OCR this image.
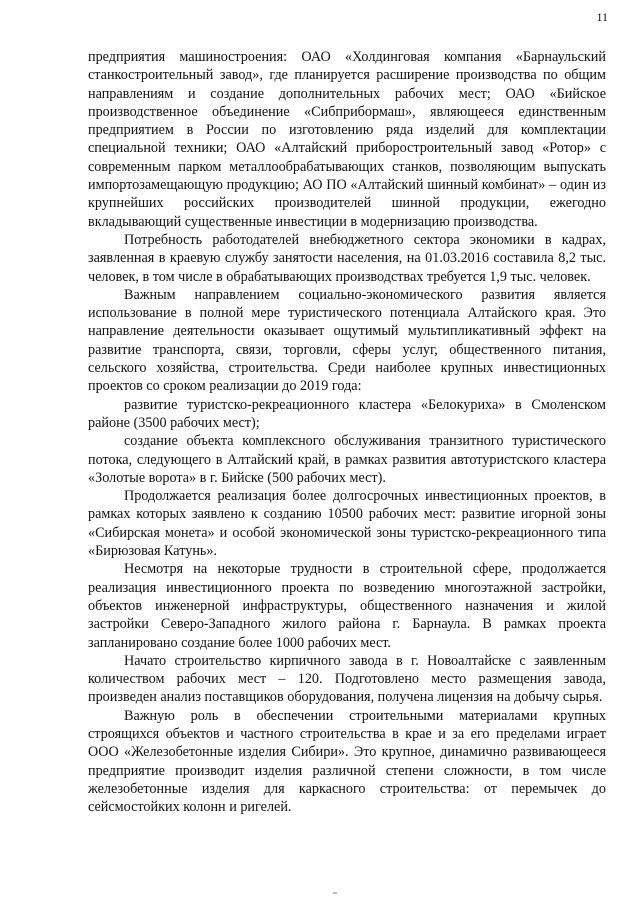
11

предприятия машиностроения: ОАО «Холдинговая компания «Барнаульский станкостроительный завод», где планируется расширение производства по общим направлениям и создание дополнительных рабочих мест; ОАО «Бийское производственное объединение «Сибприбормаш», являющееся единственным предприятием в России по изготовлению ряда изделий для комплектации специальной техники; ОАО «Алтайский приборостроительный завод «Ротор» с современным парком металлообрабатывающих станков, позволяющим выпускать импортозамещающую продукцию; АО ПО «Алтайский шинный комбинат» – один из крупнейших российских производителей шинной продукции, ежегодно вкладывающий существенные инвестиции в модернизацию производства.

Потребность работодателей внебюджетного сектора экономики в кадрах, заявленная в краевую службу занятости населения, на 01.03.2016 составила 8,2 тыс. человек, в том числе в обрабатывающих производствах требуется 1,9 тыс. человек.

Важным направлением социально-экономического развития является использование в полной мере туристического потенциала Алтайского края. Это направление деятельности оказывает ощутимый мультипликативный эффект на развитие транспорта, связи, торговли, сферы услуг, общественного питания, сельского хозяйства, строительства. Среди наиболее крупных инвестиционных проектов со сроком реализации до 2019 года:

развитие туристско-рекреационного кластера «Белокуриха» в Смоленском районе (3500 рабочих мест);

создание объекта комплексного обслуживания транзитного туристического потока, следующего в Алтайский край, в рамках развития автотуристского кластера «Золотые ворота» в г. Бийске (500 рабочих мест).

Продолжается реализация более долгосрочных инвестиционных проектов, в рамках которых заявлено к созданию 10500 рабочих мест: развитие игорной зоны «Сибирская монета» и особой экономической зоны туристско-рекреационного типа «Бирюзовая Катунь».

Несмотря на некоторые трудности в строительной сфере, продолжается реализация инвестиционного проекта по возведению многоэтажной застройки, объектов инженерной инфраструктуры, общественного назначения и жилой застройки Северо-Западного жилого района г. Барнаула. В рамках проекта запланировано создание более 1000 рабочих мест.

Начато строительство кирпичного завода в г. Новоалтайске с заявленным количеством рабочих мест – 120. Подготовлено место размещения завода, произведен анализ поставщиков оборудования, получена лицензия на добычу сырья.

Важную роль в обеспечении строительными материалами крупных строящихся объектов и частного строительства в крае и за его пределами играет ООО «Железобетонные изделия Сибири». Это крупное, динамично развивающееся предприятие производит изделия различной степени сложности, в том числе железобетонные изделия для каркасного строительства: от перемычек до сейсмостойких колонн и ригелей.
